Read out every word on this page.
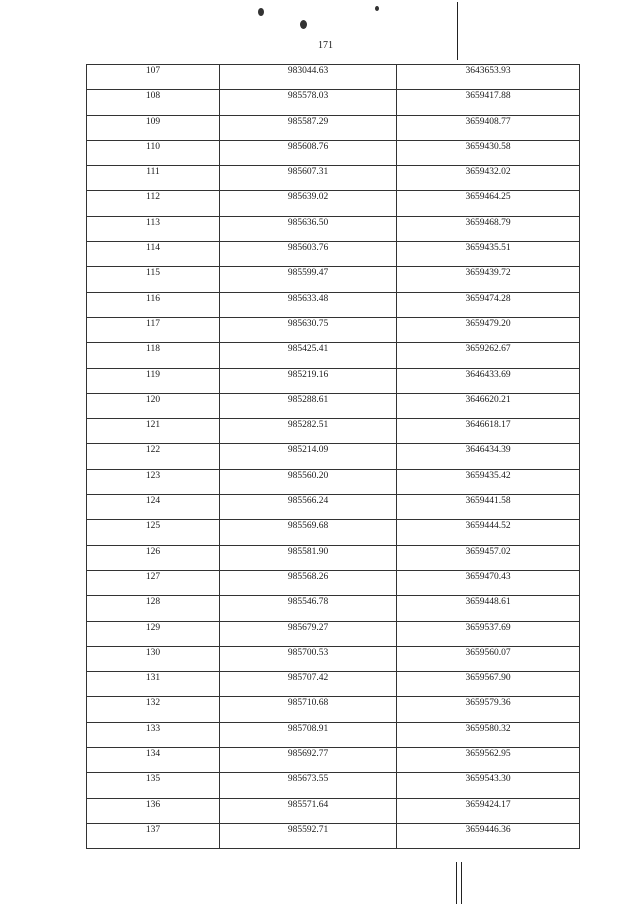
171
107	983044.63	3643653.93
108	985578.03	3659417.88
109	985587.29	3659408.77
110	985608.76	3659430.58
111	985607.31	3659432.02
112	985639.02	3659464.25
113	985636.50	3659468.79
114	985603.76	3659435.51
115	985599.47	3659439.72
116	985633.48	3659474.28
117	985630.75	3659479.20
118	985425.41	3659262.67
119	985219.16	3646433.69
120	985288.61	3646620.21
121	985282.51	3646618.17
122	985214.09	3646434.39
123	985560.20	3659435.42
124	985566.24	3659441.58
125	985569.68	3659444.52
126	985581.90	3659457.02
127	985568.26	3659470.43
128	985546.78	3659448.61
129	985679.27	3659537.69
130	985700.53	3659560.07
131	985707.42	3659567.90
132	985710.68	3659579.36
133	985708.91	3659580.32
134	985692.77	3659562.95
135	985673.55	3659543.30
136	985571.64	3659424.17
137	985592.71	3659446.36
